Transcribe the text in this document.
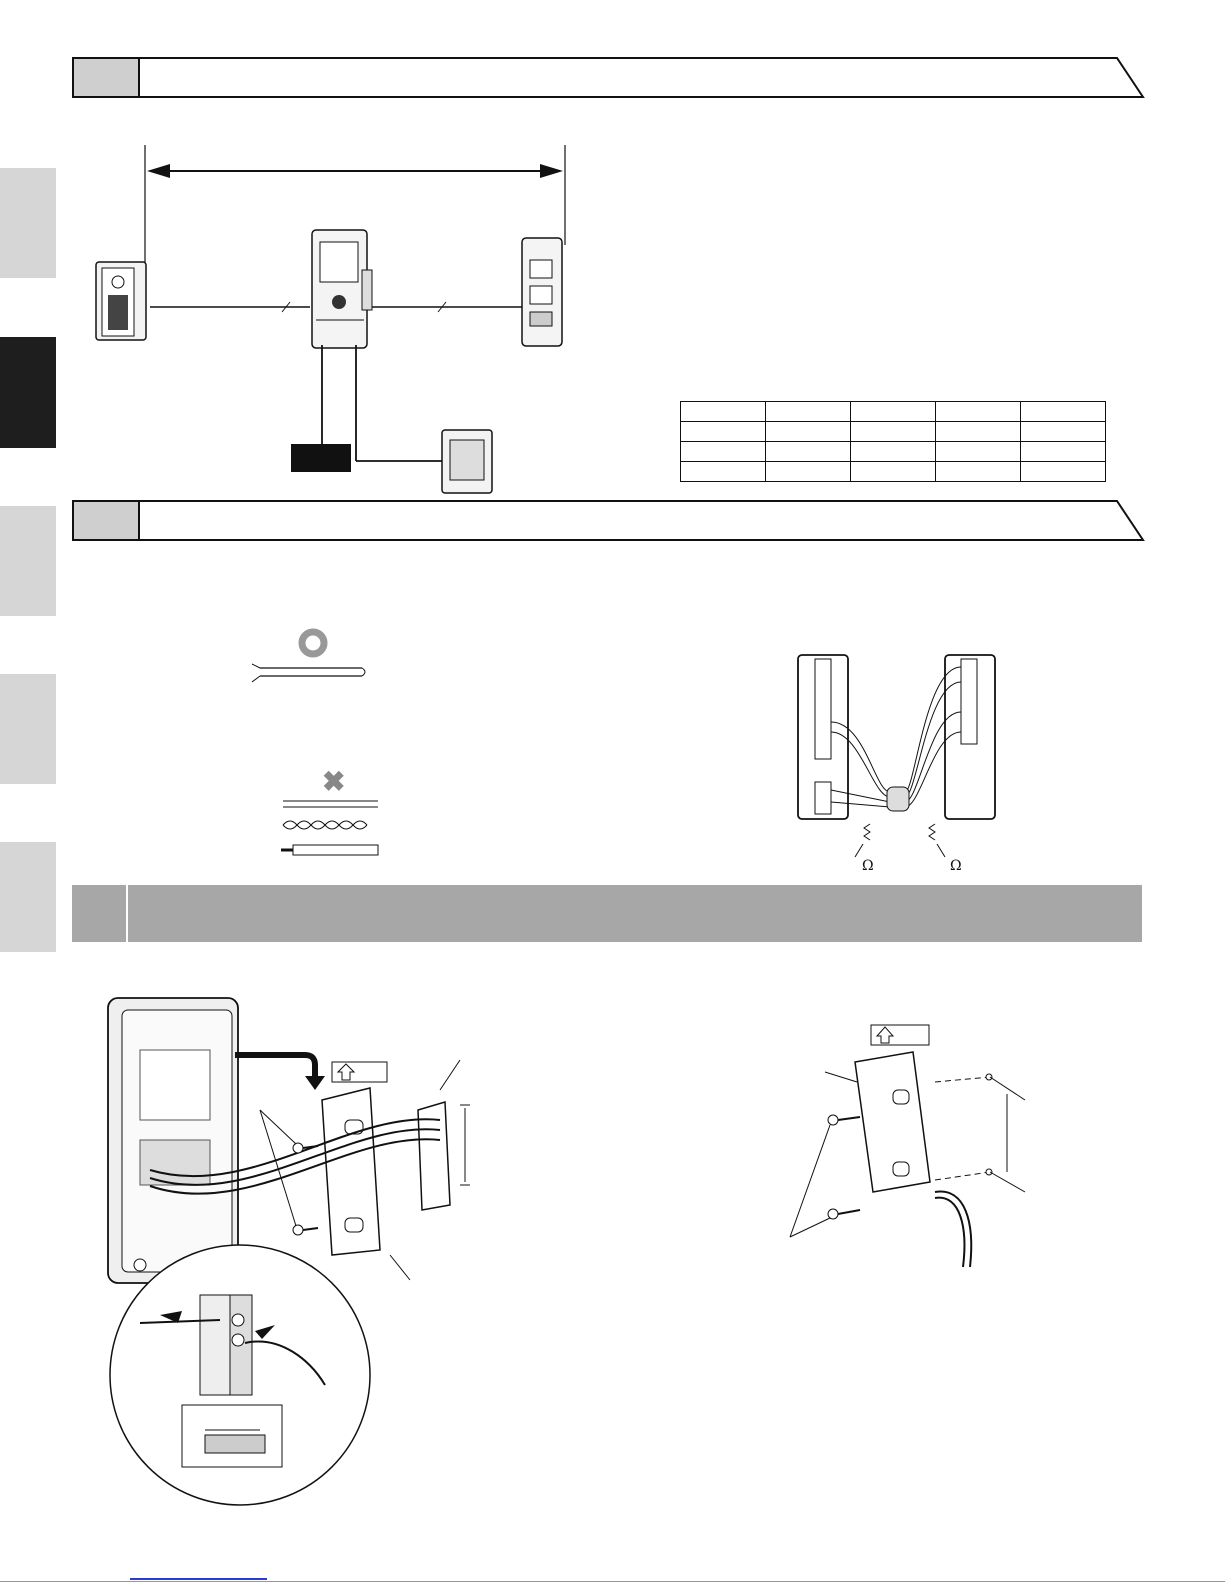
✖
Ω	Ω
